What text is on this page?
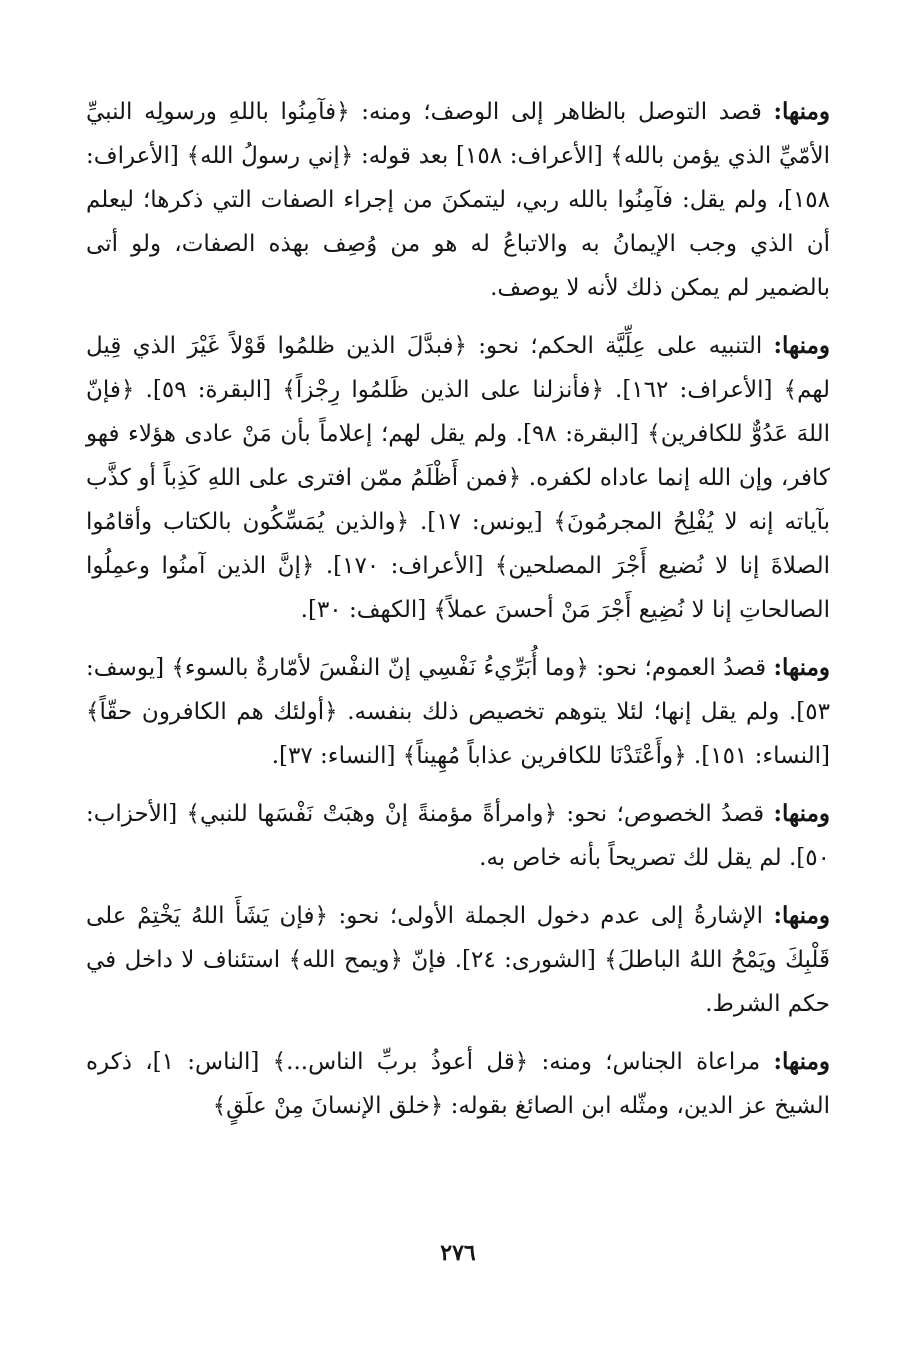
ومنها: قصد التوصل بالظاهر إلى الوصف؛ ومنه: ﴿فآمِنُوا باللهِ ورسولِه النبيِّ الأمّيِّ الذي يؤمن بالله﴾ [الأعراف: ١٥٨] بعد قوله: ﴿إني رسولُ الله﴾ [الأعراف: ١٥٨]، ولم يقل: فآمِنُوا بالله ربي، ليتمكنَ من إجراء الصفات التي ذكرها؛ ليعلم أن الذي وجب الإيمانُ به والاتباعُ له هو من وُصِف بهذه الصفات، ولو أتى بالضمير لم يمكن ذلك لأنه لا يوصف.

ومنها: التنبيه على عِلِّيَّة الحكم؛ نحو: ﴿فبدَّلَ الذين ظلمُوا قَوْلاً غَيْرَ الذي قِيل لهم﴾ [الأعراف: ١٦٢]. ﴿فأنزلنا على الذين ظَلمُوا رِجْزاً﴾ [البقرة: ٥٩]. ﴿فإنّ اللهَ عَدُوٌّ للكافرين﴾ [البقرة: ٩٨]. ولم يقل لهم؛ إعلاماً بأن مَنْ عادى هؤلاء فهو كافر، وإن الله إنما عاداه لكفره. ﴿فمن أَظْلَمُ ممّن افترى على اللهِ كَذِباً أو كذَّب بآياته إنه لا يُفْلِحُ المجرمُونَ﴾ [يونس: ١٧]. ﴿والذين يُمَسِّكُون بالكتاب وأقامُوا الصلاةَ إنا لا نُضيع أَجْرَ المصلحين﴾ [الأعراف: ١٧٠]. ﴿إنَّ الذين آمنُوا وعمِلُوا الصالحاتِ إنا لا نُضِيع أَجْرَ مَنْ أحسنَ عملاً﴾ [الكهف: ٣٠].

ومنها: قصدُ العموم؛ نحو: ﴿وما أُبَرِّيءُ نَفْسِي إنّ النفْسَ لأمّارةٌ بالسوء﴾ [يوسف: ٥٣]. ولم يقل إنها؛ لئلا يتوهم تخصيص ذلك بنفسه. ﴿أولئك هم الكافرون حقّاً﴾ [النساء: ١٥١]. ﴿وأَعْتَدْنَا للكافرين عذاباً مُهِيناً﴾ [النساء: ٣٧].

ومنها: قصدُ الخصوص؛ نحو: ﴿وامرأةً مؤمنةً إنْ وهبَتْ نَفْسَها للنبي﴾ [الأحزاب: ٥٠]. لم يقل لك تصريحاً بأنه خاص به.

ومنها: الإشارةُ إلى عدم دخول الجملة الأولى؛ نحو: ﴿فإن يَشَأَ اللهُ يَخْتِمْ على قَلْبِكَ ويَمْحُ اللهُ الباطلَ﴾ [الشورى: ٢٤]. فإنّ ﴿ويمح الله﴾ استئناف لا داخل في حكم الشرط.

ومنها: مراعاة الجناس؛ ومنه: ﴿قل أعوذُ بربِّ الناس...﴾ [الناس: ١]، ذكره الشيخ عز الدين، ومثّله ابن الصائغ بقوله: ﴿خلق الإنسانَ مِنْ علَقٍ﴾

٢٧٦
